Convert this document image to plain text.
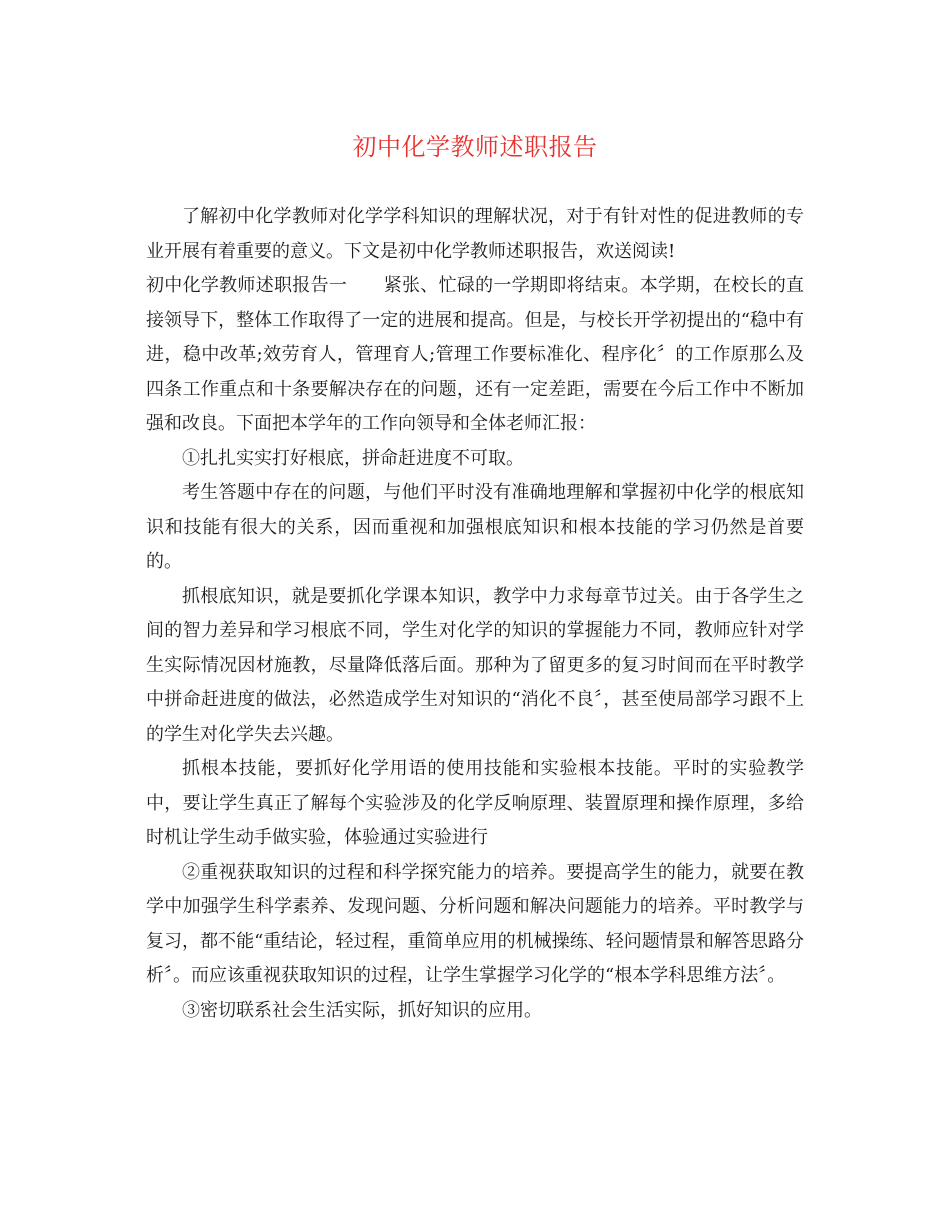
初中化学教师述职报告

了解初中化学教师对化学学科知识的理解状况，对于有针对性的促进教师的专业开展有着重要的意义。下文是初中化学教师述职报告，欢送阅读!

初中化学教师述职报告一　　紧张、忙碌的一学期即将结束。本学期，在校长的直接领导下，整体工作取得了一定的进展和提高。但是，与校长开学初提出的“稳中有进，稳中改革;效劳育人，管理育人;管理工作要标准化、程序化〞的工作原那么及四条工作重点和十条要解决存在的问题，还有一定差距，需要在今后工作中不断加强和改良。下面把本学年的工作向领导和全体老师汇报：

①扎扎实实打好根底，拼命赶进度不可取。

考生答题中存在的问题，与他们平时没有准确地理解和掌握初中化学的根底知识和技能有很大的关系，因而重视和加强根底知识和根本技能的学习仍然是首要的。

抓根底知识，就是要抓化学课本知识，教学中力求每章节过关。由于各学生之间的智力差异和学习根底不同，学生对化学的知识的掌握能力不同，教师应针对学生实际情况因材施教，尽量降低落后面。那种为了留更多的复习时间而在平时教学中拼命赶进度的做法，必然造成学生对知识的“消化不良〞，甚至使局部学习跟不上的学生对化学失去兴趣。

抓根本技能，要抓好化学用语的使用技能和实验根本技能。平时的实验教学中，要让学生真正了解每个实验涉及的化学反响原理、装置原理和操作原理，多给时机让学生动手做实验，体验通过实验进行

②重视获取知识的过程和科学探究能力的培养。要提高学生的能力，就要在教学中加强学生科学素养、发现问题、分析问题和解决问题能力的培养。平时教学与复习，都不能“重结论，轻过程，重简单应用的机械操练、轻问题情景和解答思路分析〞。而应该重视获取知识的过程，让学生掌握学习化学的“根本学科思维方法〞。

③密切联系社会生活实际，抓好知识的应用。
